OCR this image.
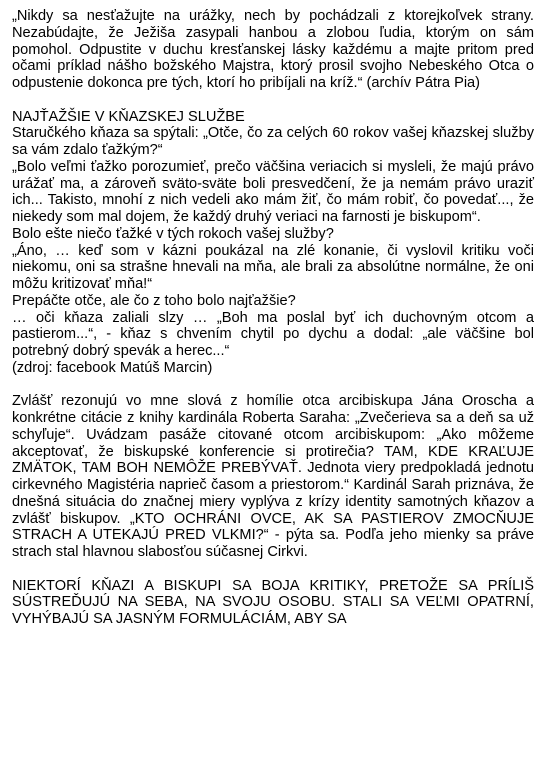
„Nikdy sa nesťažujte na urážky, nech by pochádzali z ktorejkoľvek strany. Nezabúdajte, že Ježiša zasypali hanbou a zlobou ľudia, ktorým on sám pomohol. Odpustite v duchu kresťanskej lásky každému a majte pritom pred očami príklad nášho božského Majstra, ktorý prosil svojho Nebeského Otca o odpustenie dokonca pre tých, ktorí ho pribíjali na kríž.“ (archív Pátra Pia)

NAJŤAŽŠIE V KŇAZSKEJ SLUŽBE

Staručkého kňaza sa spýtali: „Otče, čo za celých 60 rokov vašej kňazskej služby sa vám zdalo ťažkým?“

„Bolo veľmi ťažko porozumieť, prečo väčšina veriacich si mysleli, že majú právo urážať ma, a zároveň sväto-sväte boli presvedčení, že ja nemám právo uraziť ich... Takisto, mnohí z nich vedeli ako mám žiť, čo mám robiť, čo povedať..., že niekedy som mal dojem, že každý druhý veriaci na farnosti je biskupom“.

Bolo ešte niečo ťažké v tých rokoch vašej služby?

„Áno, … keď som v kázni poukázal na zlé konanie, či vyslovil kritiku voči niekomu, oni sa strašne hnevali na mňa, ale brali za absolútne normálne, že oni môžu kritizovať mňa!“

Prepáčte otče, ale čo z toho bolo najťažšie?

… oči kňaza zaliali slzy … „Boh ma poslal byť ich duchovným otcom a pastierom...“, - kňaz s chvením chytil po dychu a dodal: „ale väčšine bol potrebný dobrý spevák a herec...“

(zdroj: facebook Matúš Marcin)

Zvlášť rezonujú vo mne slová z homílie otca arcibiskupa Jána Oroscha a konkrétne citácie z knihy kardinála Roberta Saraha: „Zvečerieva sa a deň sa už schyľuje“. Uvádzam pasáže citované otcom arcibiskupom: „Ako môžeme akceptovať, že biskupské konferencie si protirečia? TAM, KDE KRAĽUJE ZMÄTOK, TAM BOH NEMÔŽE PREBÝVAŤ. Jednota viery predpokladá jednotu cirkevného Magistéria naprieč časom a priestorom.“ Kardinál Sarah priznáva, že dnešná situácia do značnej miery vyplýva z krízy identity samotných kňazov a zvlášť biskupov. „KTO OCHRÁNI OVCE, AK SA PASTIEROV ZMOCŇUJE STRACH A UTEKAJÚ PRED VLKMI?“ - pýta sa. Podľa jeho mienky sa práve strach stal hlavnou slabosťou súčasnej Cirkvi.

NIEKTORÍ KŇAZI A BISKUPI SA BOJA KRITIKY, PRETOŽE SA PRÍLIŠ SÚSTREĎUJÚ NA SEBA, NA SVOJU OSOBU. STALI SA VEĽMI OPATRNÍ, VYHÝBAJÚ SA JASNÝM FORMULÁCIÁM, ABY SA
